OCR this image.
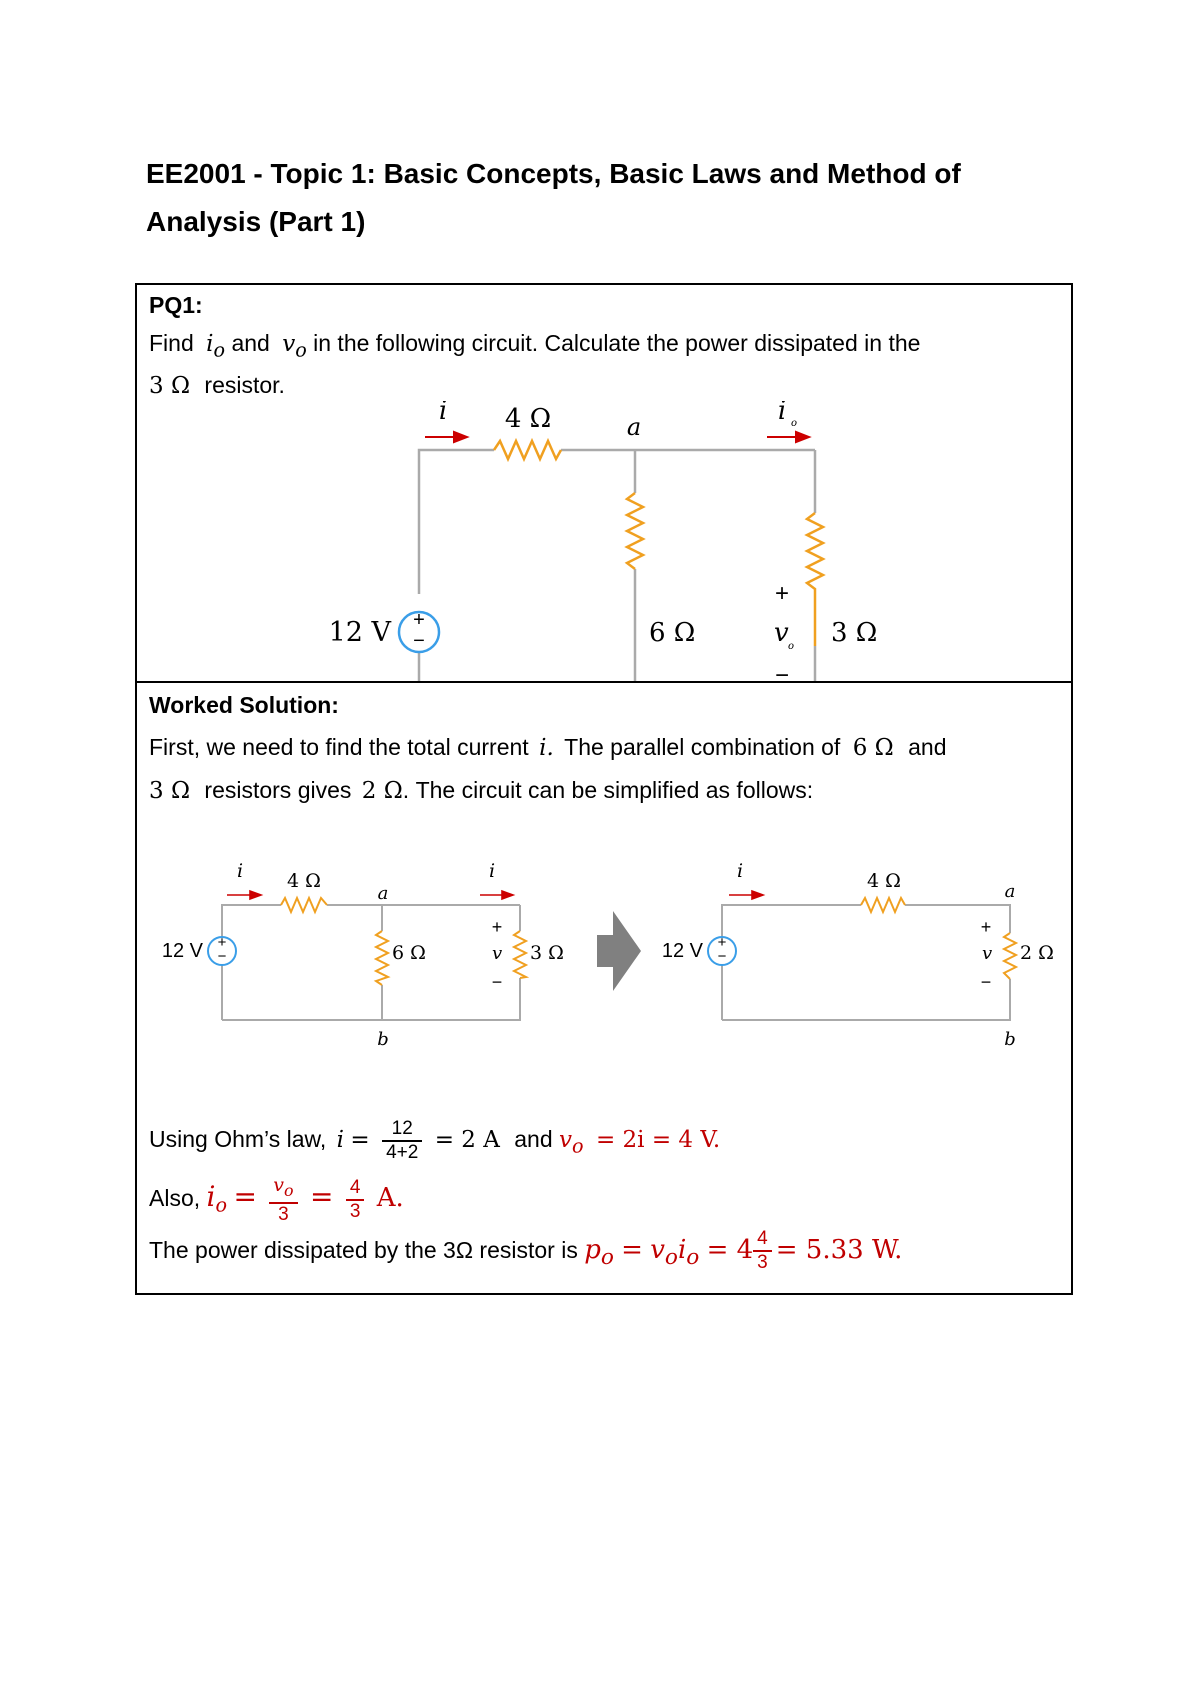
EE2001 - Topic 1: Basic Concepts, Basic Laws and Method of
Analysis (Part 1)
PQ1:
Find $i_o$ and $v_o$ in the following circuit. Calculate the power dissipated in the
3 Ω resistor.
+
−
12 V
4 Ω
6 Ω	3 Ω
a
i	i o
v o
+
−
Worked Solution:
First, we need to find the total current i. The parallel combination of 6 Ω and
3 Ω resistors gives 2 Ω. The circuit can be simplified as follows:
+
−
12 V
4 Ω
6 Ω	3 Ω
a
b
i	i
v
+
−
+
−
12 V
4 Ω
2 Ω
a
b
i
v
+
−
Using Ohm’s law, $i = \frac{12}{4+2} = 2$ A and $v_o = 2i = 4$ V.
Also, $i_o = \frac{v_o}{3} = \frac{4}{3} A$.
The power dissipated by the 3Ω resistor is $p_o = v_oi_o = 4 \frac{4}{3} = 5.33$ W.
